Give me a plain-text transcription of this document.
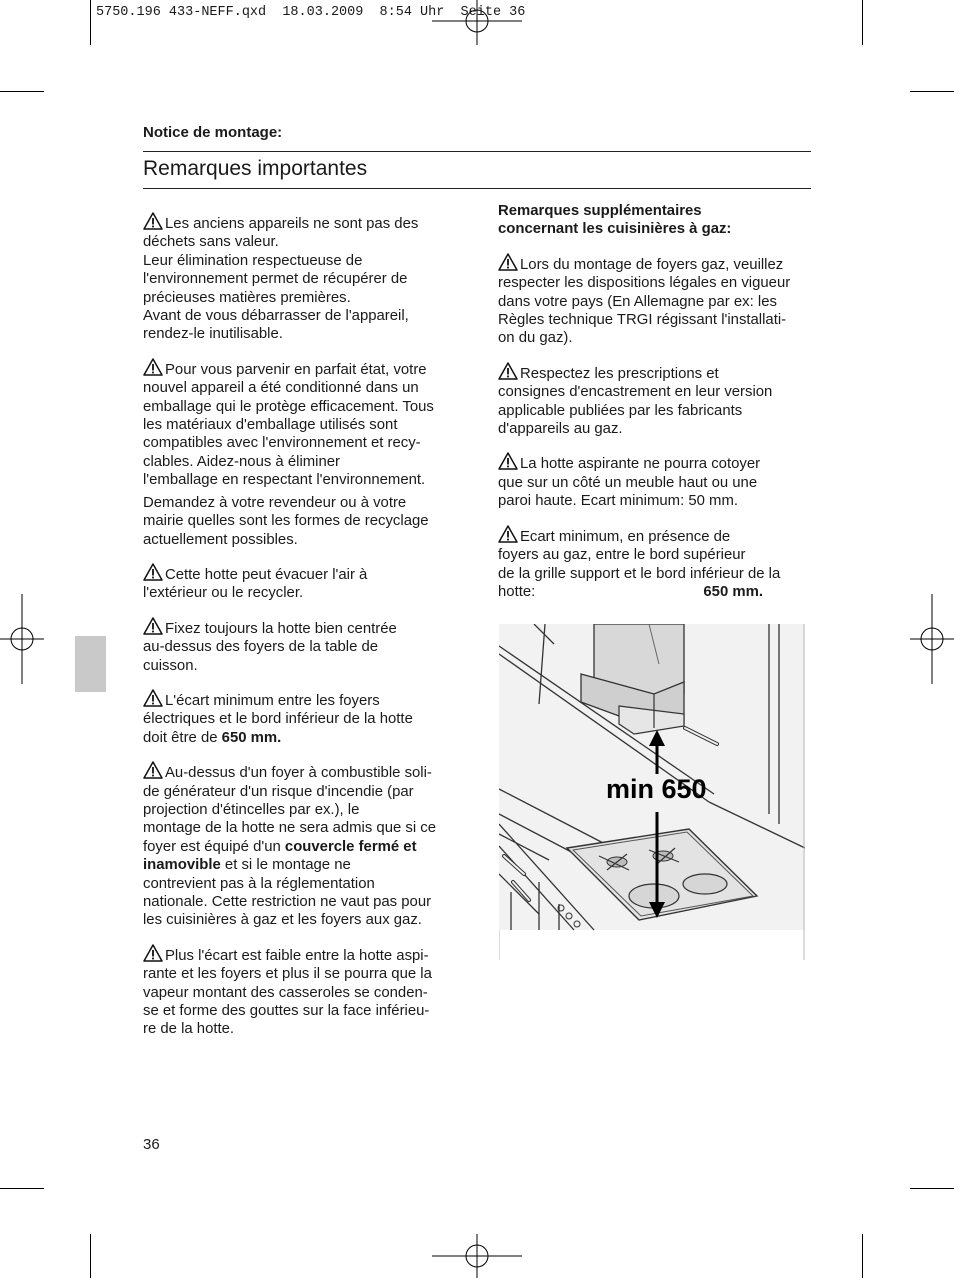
5750.196 433-NEFF.qxd  18.03.2009  8:54 Uhr  Seite 36
Notice de montage:
Remarques importantes
Les anciens appareils ne sont pas des
déchets sans valeur.
Leur élimination respectueuse de
l'environnement permet de récupérer de
précieuses matières premières.
Avant de vous débarrasser de l'appareil,
rendez-le inutilisable.
Pour vous parvenir en parfait état, votre
nouvel appareil a été conditionné dans un
emballage qui le protège efficacement. Tous
les matériaux d'emballage utilisés sont
compatibles avec l'environnement et recy-
clables. Aidez-nous à éliminer
l'emballage en respectant l'environnement.
Demandez à votre revendeur ou à votre
mairie quelles sont les formes de recyclage
actuellement possibles.
Cette hotte peut évacuer l'air à
l'extérieur ou le recycler.
Fixez toujours la hotte bien centrée
au-dessus des foyers de la table de
cuisson.
L'écart minimum entre les foyers
électriques et le bord inférieur de la hotte
doit être de 650 mm.
Au-dessus d'un foyer à combustible soli-
de générateur d'un risque d'incendie (par
projection d'étincelles par ex.), le
montage de la hotte ne sera admis que si ce
foyer est équipé d'un couvercle fermé et
inamovible et si le montage ne
contrevient pas à la réglementation
nationale. Cette restriction ne vaut pas pour
les cuisinières à gaz et les foyers aux gaz.
Plus l'écart est faible entre la hotte aspi-
rante et les foyers et plus il se pourra que la
vapeur montant des casseroles se conden-
se et forme des gouttes sur la face inférieu-
re de la hotte.
Remarques supplémentaires
concernant les cuisinières à gaz:
Lors du montage de foyers gaz, veuillez
respecter les dispositions légales en vigueur
dans votre pays (En Allemagne par ex: les
Règles technique TRGI régissant l'installati-
on du gaz).
Respectez les prescriptions et
consignes d'encastrement en leur version
applicable publiées par les fabricants
d'appareils au gaz.
La hotte aspirante ne pourra cotoyer
que sur un côté un meuble haut ou une
paroi haute. Ecart minimum: 50 mm.
Ecart minimum, en présence de
foyers au gaz, entre le bord supérieur
de la grille support et le bord inférieur de la

hotte:	650 mm.
min 650
36
